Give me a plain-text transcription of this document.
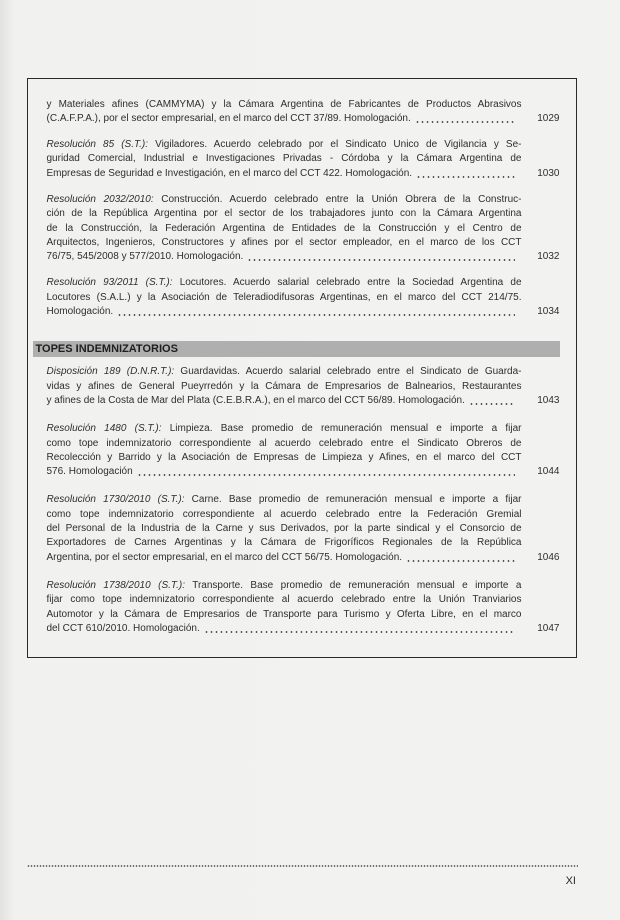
y Materiales afines (CAMMYMA) y la Cámara Argentina de Fabricantes de Productos Abrasivos
(C.A.F.P.A.), por el sector empresarial, en el marco del CCT 37/89. Homologación.	1029
Resolución 85 (S.T.): Vigiladores. Acuerdo celebrado por el Sindicato Unico de Vigilancia y Se-
guridad Comercial, Industrial e Investigaciones Privadas - Córdoba y la Cámara Argentina de
Empresas de Seguridad e Investigación, en el marco del CCT 422. Homologación.	1030
Resolución 2032/2010: Construcción. Acuerdo celebrado entre la Unión Obrera de la Construc-
ción de la República Argentina por el sector de los trabajadores junto con la Cámara Argentina
de la Construcción, la Federación Argentina de Entidades de la Construcción y el Centro de
Arquitectos, Ingenieros, Constructores y afines por el sector empleador, en el marco de los CCT
76/75, 545/2008 y 577/2010. Homologación.	1032
Resolución 93/2011 (S.T.): Locutores. Acuerdo salarial celebrado entre la Sociedad Argentina de
Locutores (S.A.L.) y la Asociación de Teleradiodifusoras Argentinas, en el marco del CCT 214/75.
Homologación.	1034
TOPES INDEMNIZATORIOS
Disposición 189 (D.N.R.T.): Guardavidas. Acuerdo salarial celebrado entre el Sindicato de Guarda-
vidas y afines de General Pueyrredón y la Cámara de Empresarios de Balnearios, Restaurantes
y afines de la Costa de Mar del Plata (C.E.B.R.A.), en el marco del CCT 56/89. Homologación.	1043
Resolución 1480 (S.T.): Limpieza. Base promedio de remuneración mensual e importe a fijar
como tope indemnizatorio correspondiente al acuerdo celebrado entre el Sindicato Obreros de
Recolección y Barrido y la Asociación de Empresas de Limpieza y Afines, en el marco del CCT
576. Homologación	1044
Resolución 1730/2010 (S.T.): Carne. Base promedio de remuneración mensual e importe a fijar
como tope indemnizatorio correspondiente al acuerdo celebrado entre la Federación Gremial
del Personal de la Industria de la Carne y sus Derivados, por la parte sindical y el Consorcio de
Exportadores de Carnes Argentinas y la Cámara de Frigoríficos Regionales de la República
Argentina, por el sector empresarial, en el marco del CCT 56/75. Homologación.	1046
Resolución 1738/2010 (S.T.): Transporte. Base promedio de remuneración mensual e importe a
fijar como tope indemnizatorio correspondiente al acuerdo celebrado entre la Unión Tranviarios
Automotor y la Cámara de Empresarios de Transporte para Turismo y Oferta Libre, en el marco
del CCT 610/2010. Homologación.	1047
XI
